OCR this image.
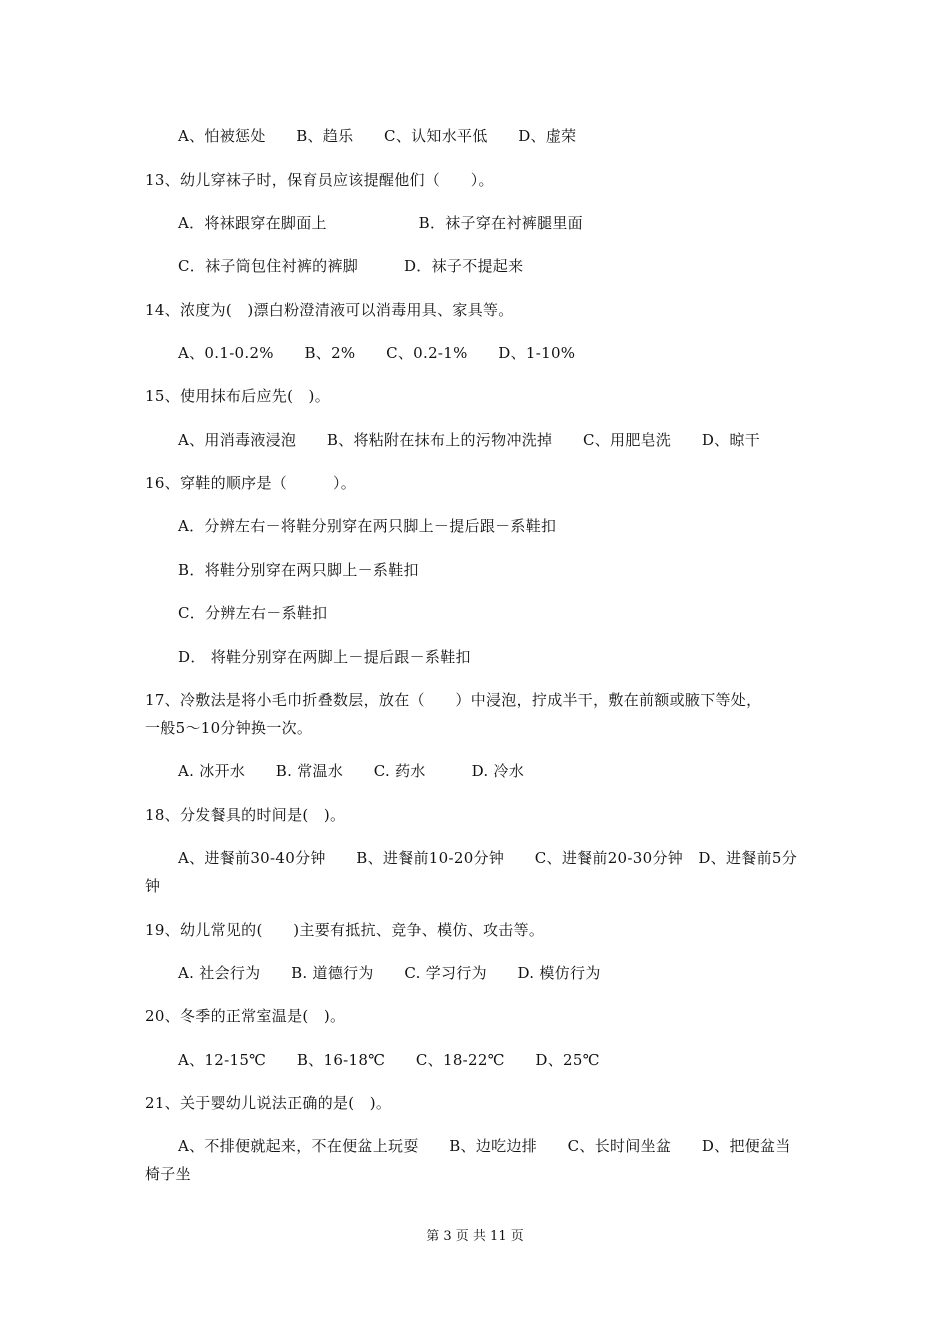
A、怕被惩处　　B、趋乐　　C、认知水平低　　D、虚荣
13、幼儿穿袜子时，保育员应该提醒他们（　　）。
A．将袜跟穿在脚面上　　　　　　B．袜子穿在衬裤腿里面
C．袜子筒包住衬裤的裤脚　　　D．袜子不提起来
14、浓度为(　)漂白粉澄清液可以消毒用具、家具等。
A、0.1-0.2%　　B、2%　　C、0.2-1%　　D、1-10%
15、使用抹布后应先(　)。
A、用消毒液浸泡　　B、将粘附在抹布上的污物冲洗掉　　C、用肥皂洗　　D、晾干
16、穿鞋的顺序是（　　　）。
A．分辨左右－将鞋分别穿在两只脚上－提后跟－系鞋扣
B．将鞋分别穿在两只脚上－系鞋扣
C．分辨左右－系鞋扣
D． 将鞋分别穿在两脚上－提后跟－系鞋扣
17、冷敷法是将小毛巾折叠数层，放在（　　）中浸泡，拧成半干，敷在前额或腋下等处，
一般5～10分钟换一次。
A. 冰开水　　B. 常温水　　C. 药水　　　D. 冷水
18、分发餐具的时间是(　)。
A、进餐前30-40分钟　　B、进餐前10-20分钟　　C、进餐前20-30分钟　D、进餐前5分
钟
19、幼儿常见的(　　)主要有抵抗、竞争、模仿、攻击等。
A. 社会行为　　B. 道德行为　　C. 学习行为　　D. 模仿行为
20、冬季的正常室温是(　)。
A、12-15℃　　B、16-18℃　　C、18-22℃　　D、25℃
21、关于婴幼儿说法正确的是(　)。
A、不排便就起来，不在便盆上玩耍　　B、边吃边排　　C、长时间坐盆　　D、把便盆当
椅子坐
第 3 页 共 11 页
